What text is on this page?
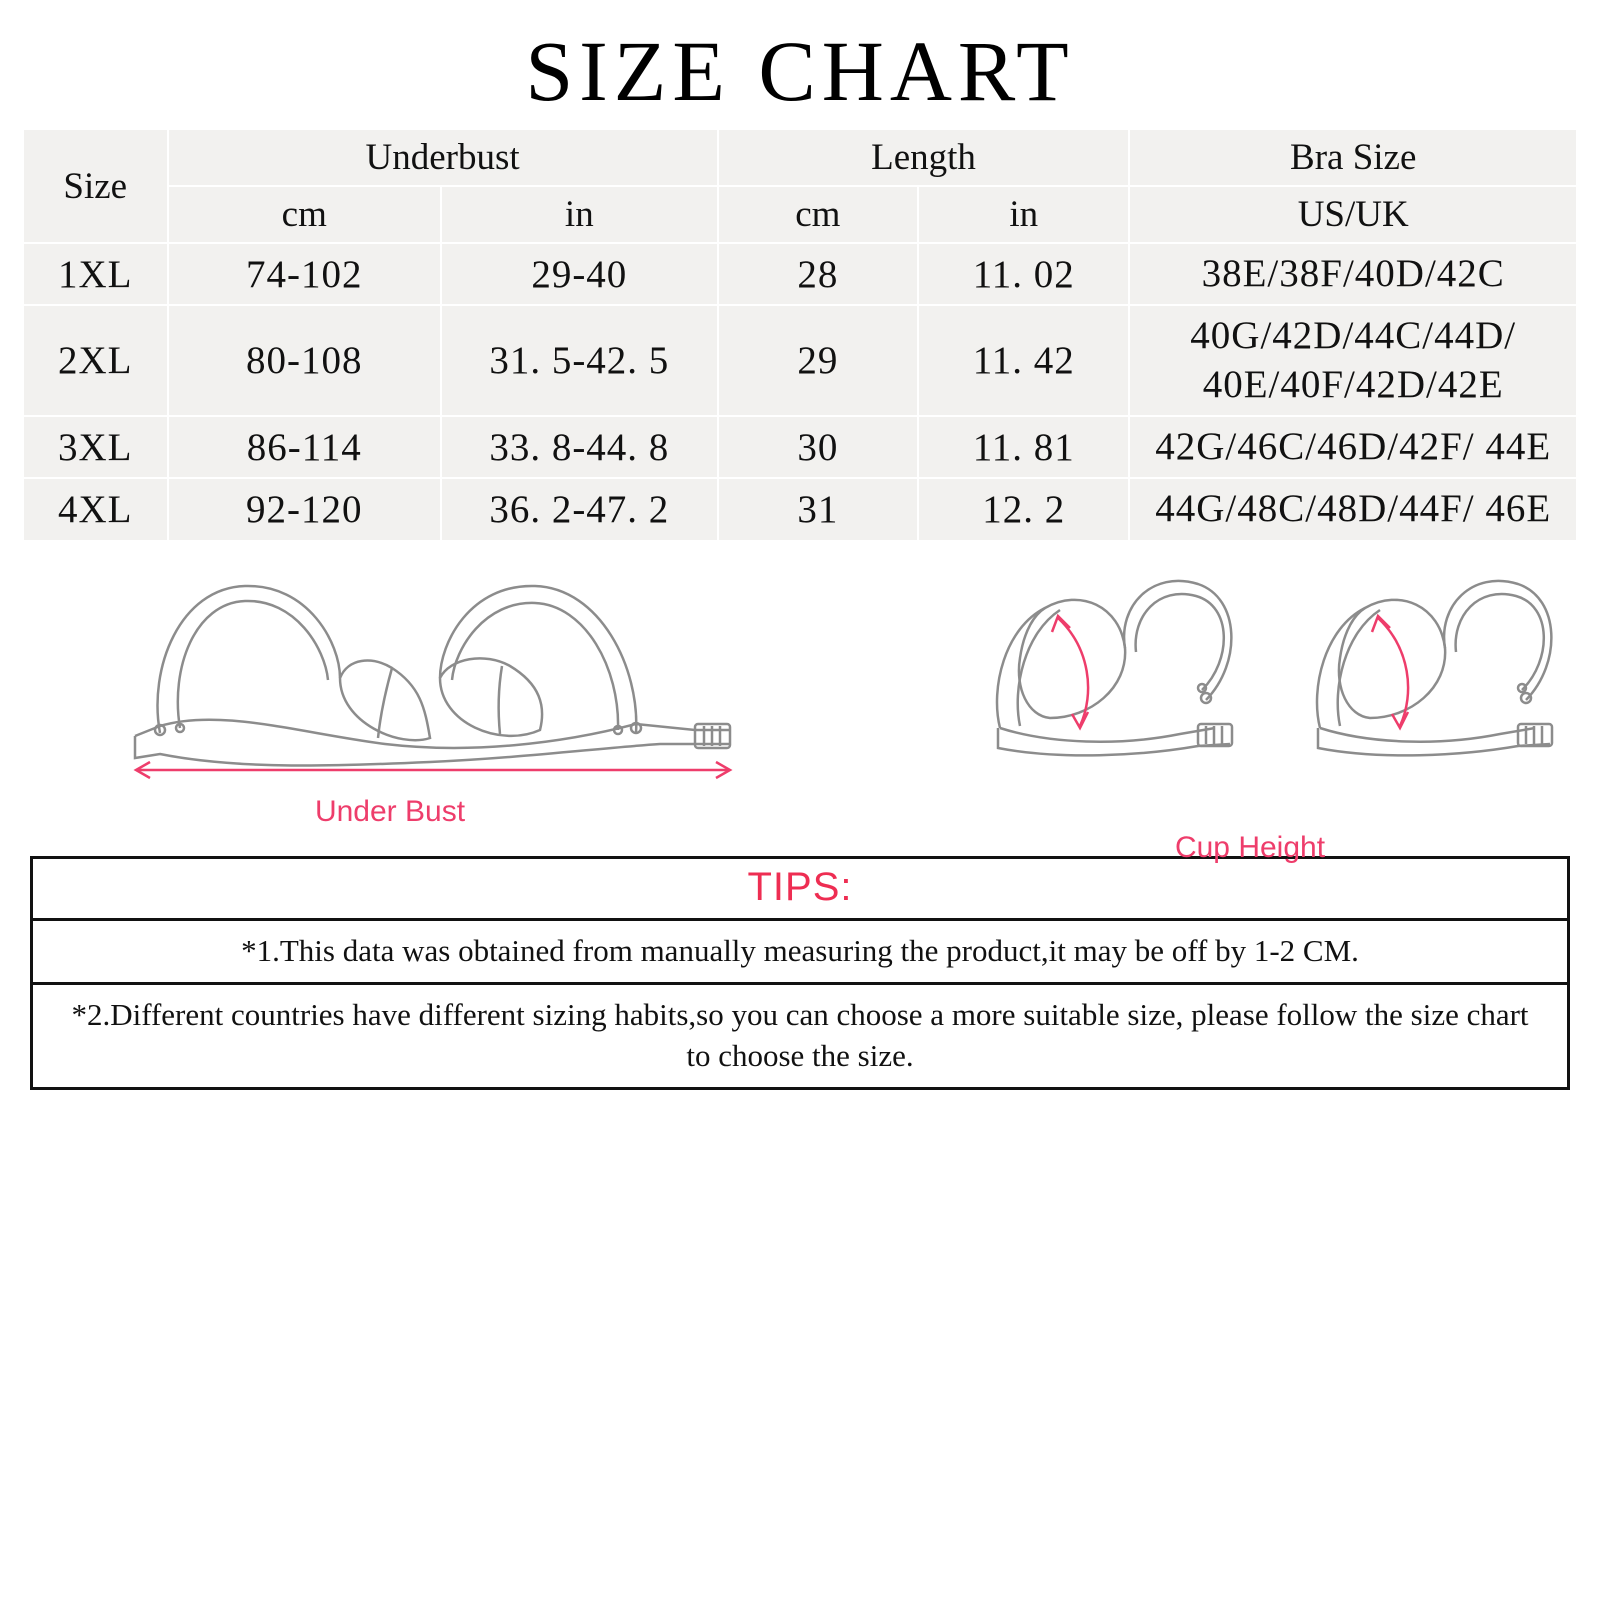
SIZE CHART
Size	Underbust		Length		Bra Size
	cm	in	cm	in	US/UK
1XL	74-102	29-40	28	11. 02	38E/38F/40D/42C
2XL	80-108	31. 5-42. 5	29	11. 42	40G/42D/44C/44D/ 40E/40F/42D/42E
3XL	86-114	33. 8-44. 8	30	11. 81	42G/46C/46D/42F/ 44E
4XL	92-120	36. 2-47. 2	31	12. 2	44G/48C/48D/44F/ 46E
Under Bust
Cup Height
TIPS:
*1.This data was obtained from manually measuring the product,it may be off by 1-2 CM.
*2.Different countries have different sizing habits,so you can choose a more suitable size, please follow the size chart to choose the size.
